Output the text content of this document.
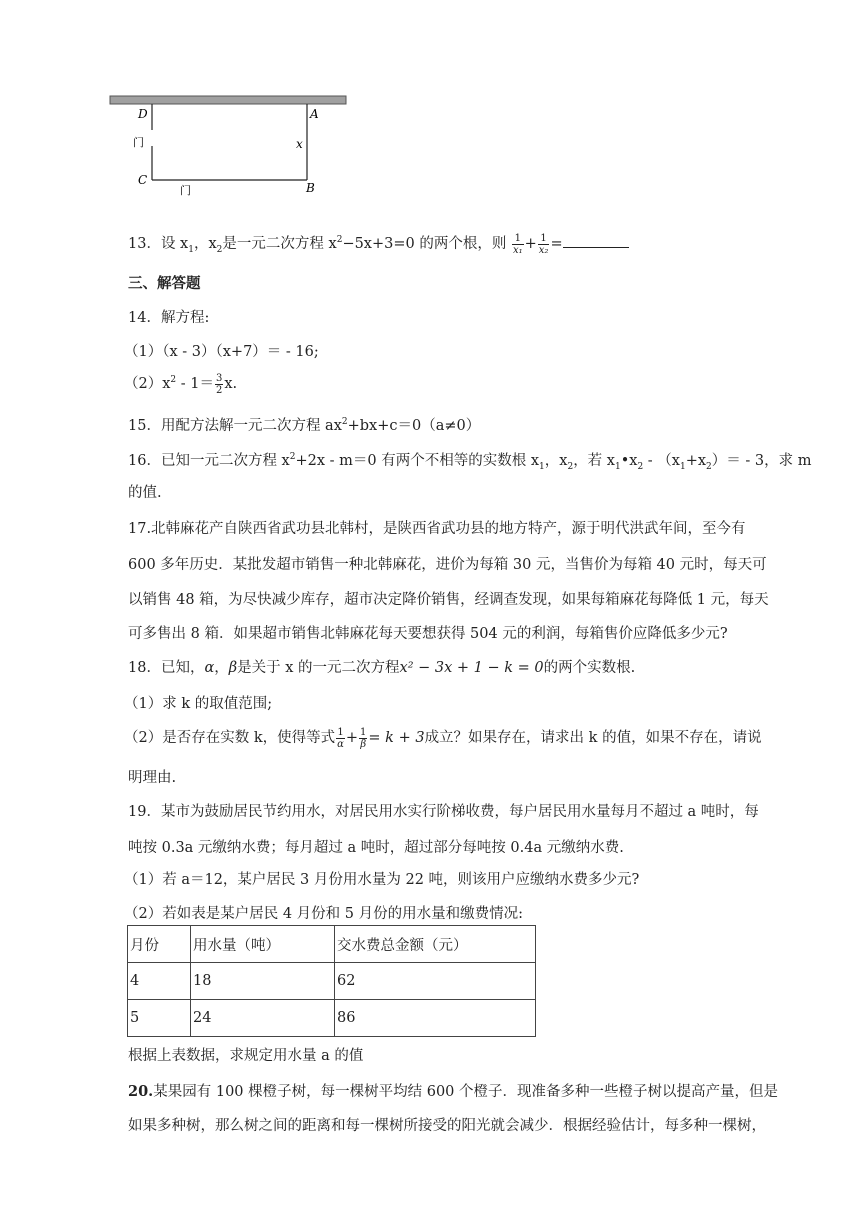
D	A
C
B
x
门
门
13．设 $x_1$，$x_2$是一元二次方程 $x^2-5x+3=0$ 的两个根，则 $\frac{1}{\text{x₁}} + \frac{1}{\text{x₂}}$ =
三、解答题
14．解方程:
（1）（x - 3）（x+7）＝ - 16;
$(2)x^2 - 1= \frac{3}{2} x$.
15．用配方法解一元二次方程 $ax^2+bx+c=0(a\ne 0)$
16．已知一元二次方程 $x^2+2x - m=0$ 有两个不相等的实数根 $x_1$，$x_2$，若 $x_1•x_2 - (x_1+x_2)= - 3$，求 m
的值.
17.北韩麻花产自陕西省武功县北韩村，是陕西省武功县的地方特产，源于明代洪武年间，至今有
600 多年历史．某批发超市销售一种北韩麻花，进价为每箱 30 元，当售价为每箱 40 元时，每天可
以销售 48 箱，为尽快减少库存，超市决定降价销售，经调查发现，如果每箱麻花每降低 1 元，每天
可多售出 8 箱．如果超市销售北韩麻花每天要想获得 504 元的利润，每箱售价应降低多少元?
18．已知，α，β是关于 x 的一元二次方程x² − 3x + 1 − k = 0的两个实数根.
（1）求 k 的取值范围;
（2）是否存在实数 k，使得等式 $\frac{1}{\alpha} + \frac{1}{\beta} = k + 3$成立？如果存在，请求出 k 的值，如果不存在，请说
明理由.
19．某市为鼓励居民节约用水，对居民用水实行阶梯收费，每户居民用水量每月不超过 a 吨时，每
吨按 0.3a 元缴纳水费；每月超过 a 吨时，超过部分每吨按 0.4a 元缴纳水费.
（1）若 a＝12，某户居民 3 月份用水量为 22 吨，则该用户应缴纳水费多少元?
（2）若如表是某户居民 4 月份和 5 月份的用水量和缴费情况:
月份	用水量（吨）	交水费总金额（元）
4	18	62
5	24	86
根据上表数据，求规定用水量 a 的值
20.某果园有 100 棵橙子树，每一棵树平均结 600 个橙子．现准备多种一些橙子树以提高产量，但是
如果多种树，那么树之间的距离和每一棵树所接受的阳光就会减少．根据经验估计，每多种一棵树，
